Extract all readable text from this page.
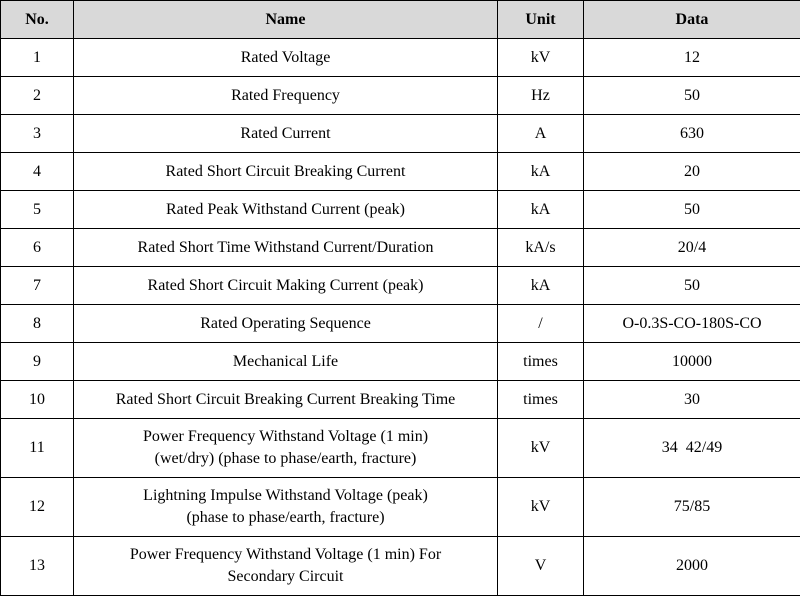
No.	Name	Unit	Data
1	Rated Voltage	kV	12
2	Rated Frequency	Hz	50
3	Rated Current	A	630
4	Rated Short Circuit Breaking Current	kA	20
5	Rated Peak Withstand Current (peak)	kA	50
6	Rated Short Time Withstand Current/Duration	kA/s	20/4
7	Rated Short Circuit Making Current (peak)	kA	50
8	Rated Operating Sequence	/	O-0.3S-CO-180S-CO
9	Mechanical Life	times	10000
10	Rated Short Circuit Breaking Current Breaking Time	times	30
11	Power Frequency Withstand Voltage (1 min)
(wet/dry) (phase to phase/earth, fracture)	kV	34  42/49
12	Lightning Impulse Withstand Voltage (peak)
(phase to phase/earth, fracture)	kV	75/85
13	Power Frequency Withstand Voltage (1 min) For
Secondary Circuit	V	2000
